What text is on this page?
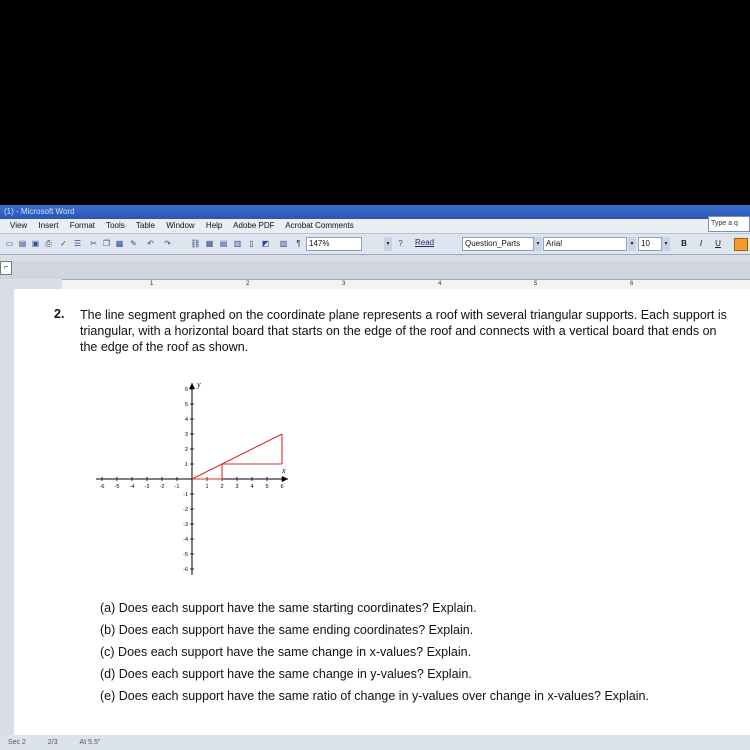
(1) - Microsoft Word
Type a q
View Insert Format Tools Table Window Help Adobe PDF Acrobat Comments
▭ ▤ ▣ ⎙ ✓ ☰ ✂ ❐ ▦ ✎ ↶ ↷ ⛓ ▦ ▤ ▥	▯	◩ ▧	¶	147%	▾	?	Read	Question_Parts	▾ Arial	▾ 10	▾	B	I	U
⌐
1	2	3	4	5	6
2. The line segment graphed on the coordinate plane represents a roof with several triangular supports. Each support is triangular, with a horizontal board that starts on the edge of the roof and connects with a vertical board that ends on the edge of the roof as shown.
x
y
-6 -5 -4 -3 -2 -1	1 2 3 4 5 6
6
5
4
3
2
1
-1
-2
-3
-4
-5
-6
(a) Does each support have the same starting coordinates? Explain.
(b) Does each support have the same ending coordinates? Explain.
(c) Does each support have the same change in x-values? Explain.
(d) Does each support have the same change in y-values? Explain.
(e) Does each support have the same ratio of change in y-values over change in x-values? Explain.
Sec 2	2/3	At 5.5"
